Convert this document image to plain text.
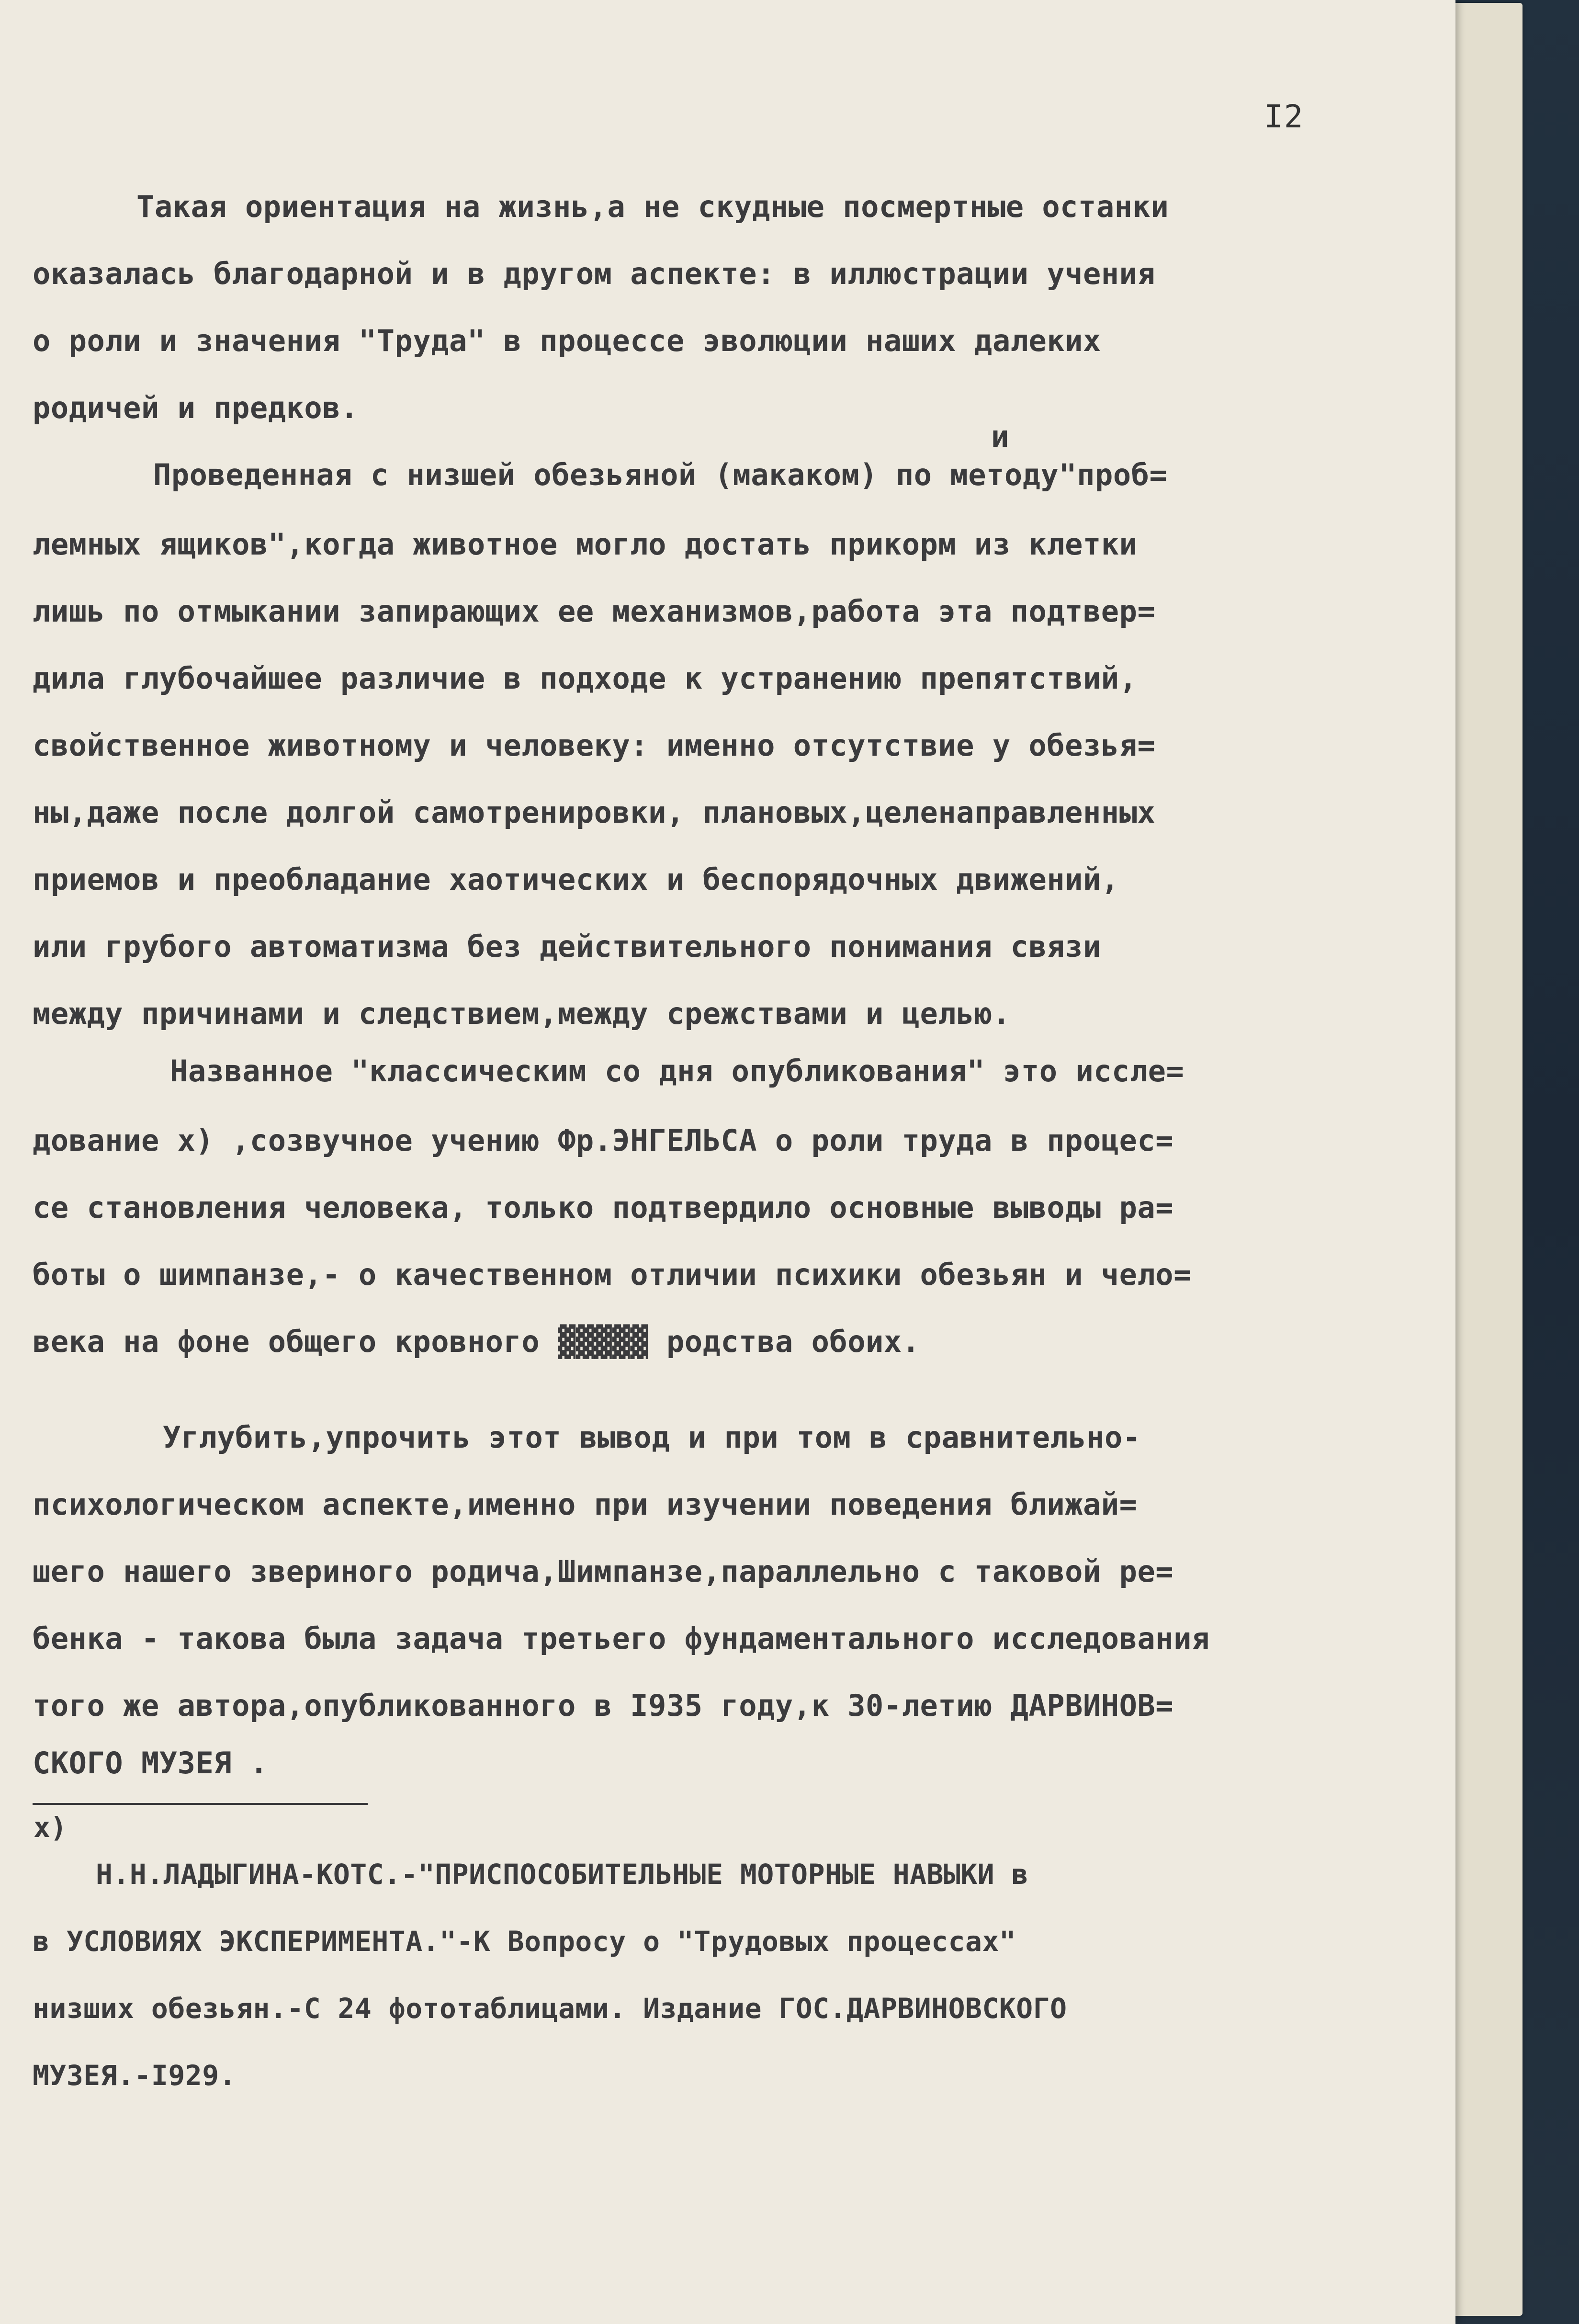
I2
Такая ориентация на жизнь,а не скудные посмертные останки
оказалась благодарной и в другом аспекте: в иллюстрации учения
о роли и значения "Труда" в процессе эволюции наших далеких
родичей и предков.
и
Проведенная с низшей обезьяной (макаком) по методу"проб=
лемных ящиков",когда животное могло достать прикорм из клетки
лишь по отмыкании запирающих ее механизмов,работа эта подтвер=
дила глубочайшее различие в подходе к устранению препятствий,
свойственное животному и человеку: именно отсутствие у обезья=
ны,даже после долгой самотренировки, плановых,целенаправленных
приемов и преобладание хаотических и беспорядочных движений,
или грубого автоматизма без действительного понимания связи
между причинами и следствием,между срежствами и целью.
Названное "классическим со дня опубликования" это иссле=
дование x) ,созвучное учению Фр.ЭНГЕЛЬСА о роли труда в процес=
се становления человека, только подтвердило основные выводы ра=
боты о шимпанзе,- о качественном отличии психики обезьян и чело=
века на фоне общего кровного ▓▓▓▓▓ родства обоих.
Углубить,упрочить этот вывод и при том в сравнительно-
психологическом аспекте,именно при изучении поведения ближай=
шего нашего звериного родича,Шимпанзе,параллельно с таковой ре=
бенка - такова была задача третьего фундаментального исследования
того же автора,опубликованного в I935 году,к 30-летию ДАРВИНОВ=
СКОГО МУЗЕЯ .
x)
Н.Н.ЛАДЫГИНА-КОТС.-"ПРИСПОСОБИТЕЛЬНЫЕ МОТОРНЫЕ НАВЫКИ в
в УСЛОВИЯХ ЭКСПЕРИМЕНТА."-К Вопросу о "Трудовых процессах"
низших обезьян.-С 24 фототаблицами. Издание ГОС.ДАРВИНОВСКОГО
МУЗЕЯ.-I929.
